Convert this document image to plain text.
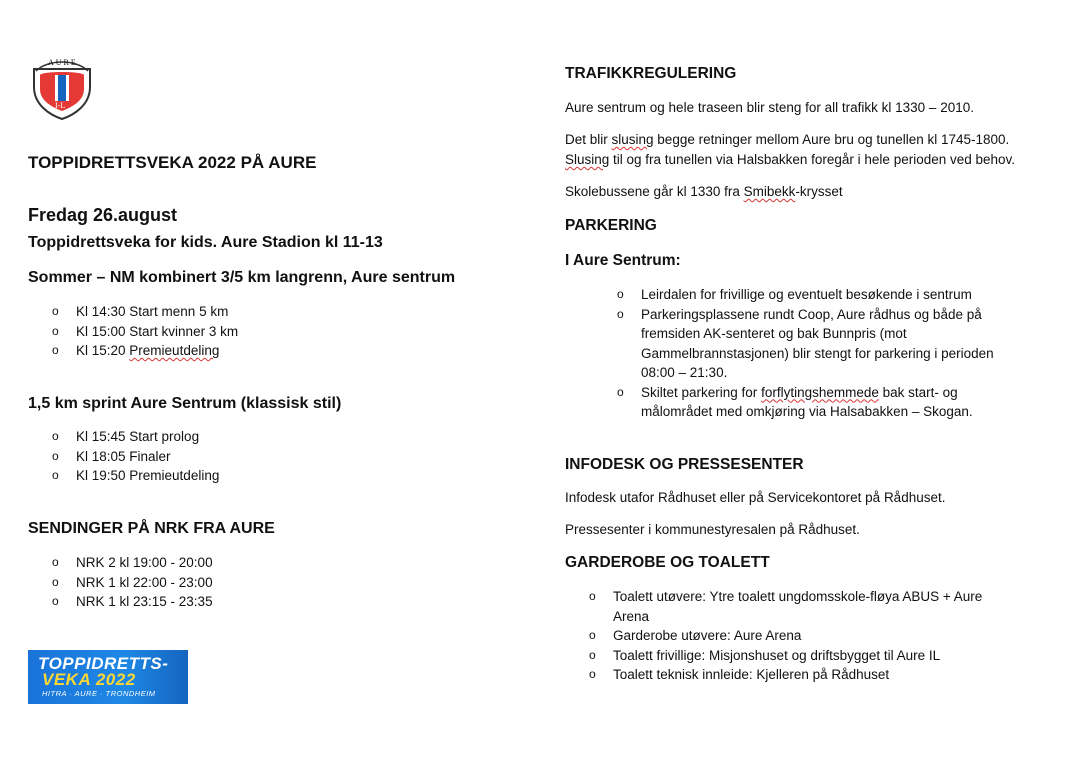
AURE
I-L
TOPPIDRETTSVEKA 2022 PÅ AURE
Fredag 26.august
Toppidrettsveka for kids. Aure Stadion kl 11-13
Sommer – NM kombinert 3/5 km langrenn, Aure sentrum
o Kl 14:30 Start menn 5 km
o Kl 15:00 Start kvinner 3 km
o Kl 15:20 Premieutdeling
1,5 km sprint Aure Sentrum (klassisk stil)
o Kl 15:45 Start prolog
o Kl 18:05 Finaler
o Kl 19:50 Premieutdeling
SENDINGER PÅ NRK FRA AURE
o NRK 2 kl 19:00 - 20:00
o NRK 1 kl 22:00 - 23:00
o NRK 1 kl 23:15 - 23:35
TOPPIDRETTS-
VEKA 2022
HITRA · AURE · TRONDHEIM
TRAFIKKREGULERING
Aure sentrum og hele traseen blir steng for all trafikk kl 1330 – 2010.
Det blir slusing begge retninger mellom Aure bru og tunellen kl 1745-1800.
Slusing til og fra tunellen via Halsbakken foregår i hele perioden ved behov.
Skolebussene går kl 1330 fra Smibekk-krysset
PARKERING
I Aure Sentrum:
o Leirdalen for frivillige og eventuelt besøkende i sentrum
o Parkeringsplassene rundt Coop, Aure rådhus og både på
fremsiden AK-senteret og bak Bunnpris (mot
Gammelbrannstasjonen) blir stengt for parkering i perioden
08:00 – 21:30.
o Skiltet parkering for forflytingshemmede bak start- og
målområdet med omkjøring via Halsabakken – Skogan.
INFODESK OG PRESSESENTER
Infodesk utafor Rådhuset eller på Servicekontoret på Rådhuset.
Pressesenter i kommunestyresalen på Rådhuset.
GARDEROBE OG TOALETT
o Toalett utøvere: Ytre toalett ungdomsskole-fløya ABUS + Aure
Arena
o Garderobe utøvere: Aure Arena
o Toalett frivillige: Misjonshuset og driftsbygget til Aure IL
o Toalett teknisk innleide: Kjelleren på Rådhuset
